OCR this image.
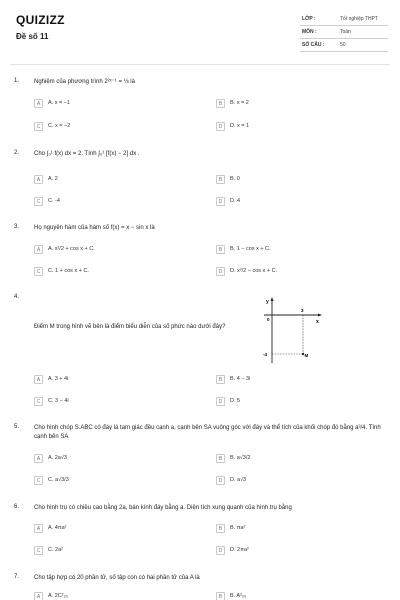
QUIZIZZ
Đề số 11
LỚP :	Tốt nghiệp THPT
MÔN :	Toán
SỐ CÂU :	50
1. Nghiệm của phương trình 2²ˣ⁻¹ = ⅛ là
A	A. x = −1	B	B. x = 2
C	C. x = −2	D	D. x = 1
2. Cho ∫₀¹ f(x) dx = 2. Tính ∫₀¹ [f(x) − 2] dx .
A	A. 2	B	B. 0
C	C. -4	D	D. 4
3. Họ nguyên hàm của hàm số f(x) = x − sin x là
A	A. x²/2 + cos x + C.	B	B. 1 − cos x + C.
C	C. 1 + cos x + C.	D	D. x²/2 − cos x + C.
4.
Điểm M trong hình vẽ bên là điểm biểu diễn của số phức nào dưới đây?
A	A. 3 + 4i	B	B. 4 − 3i
C	C. 3 − 4i	D	D. 5
y
x
0
3
-4	M
5. Cho hình chóp S.ABC có đáy là tam giác đều cạnh a, cạnh bên SA vuông góc với đáy và thể tích của khối chóp đó bằng a³/4. Tính cạnh bên SA
A	A. 2a√3	B	B. a√3/2
C	C. a√3/3	D	D. a√3
6. Cho hình trụ có chiều cao bằng 2a, bán kính đáy bằng a. Diện tích xung quanh của hình trụ bằng
A	A. 4πa²	B	B. πa²
C	C. 2a²	D	D. 2πa²
7. Cho tập hợp có 20 phần tử, số tập con có hai phần tử của A là
A	A. 2C²₂₀	B	B. A²₂₀
